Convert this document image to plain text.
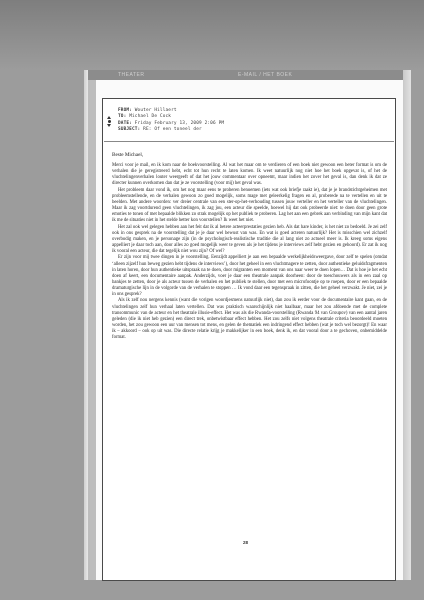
THEATER	E-MAIL / HET BOEK
FROM: Wouter Hillaert
TO: Michael De Cock
DATE: Friday February 13, 2009 2:06 PM
SUBJECT: RE: Of een toneel der
Beste Michael,

Merci voor je mail, en ik kom naar de boekvoorstelling. Al wat het maar om te verdieren of een boek niet gewoon een beter format is om de verhalen die je geregistreerd hebt, echt tot hun recht te laten komen. Ik weet natuurlijk nog niet hoe het boek opgevat is, of het de vluchtelingenverhalen louter weergeeft of dat het jouw commentaar over opneemt, maar indien het zover het geval is, dan denk ik dat ze directer kunnen overkomen dan dat je ze voorstelling (voor mij) het geval was.

Het probleem daar vond ik, om het nog maar eens te proberen benoemen (iets wat ook briefje raakt ie), dat je je brandstichtgeheimen met probleemstellende, en de verhalen gewoon zo goed mogelijk, soms mage met geleerkelig fragen en al, proberede na te vertellen en uit te beelden. Met andere woorden: ver dreier centrale van een ster-op-het-verhouding tussen jouw verteller en het verteller van de vluchtelingen. Maar ik zag voortdurend geen vluchtelingen, ik zag jou, een acteur die speelde, hoewel hij dat ook probeerde niet: te doen door geen grote emoties te tonen of met bepaalde blikken zo strak mogelijk op het publiek te proberen. Lag het aan een gebrek aan verbinding van mijn kant dat ik me de situaties niet in het stelde hetter kon voorstellen? Ik weet het niet.

Het zal ook wel gelegen hebben aan het feit dat ik al betere acteerprestaties gezien heb. Als dat hare kinder, is het niet zo bedoeld. Je zei zelf ook in ons gesprek na de voorstelling dat je je daar wel bewust van was. En wat is goed acteren natuurlijk? Het is misschien wel zichzelf overbodig maken, en je personage zijn (in de psychologisch-realistische traditie die al lang niet zo actueel meer is. Ik kreeg soms eigens appelliert je daar toch aan, door alles zo goed mogelijk weer te geven als je het tijdens je interviews zelf hebt gezien en gehoord). Er zat ik nog ik vooral een acteur, die dat tegelijk niet wou zijn? Of wel?

Er zijn voor mij twee dingen in je voorstelling. Eenzijdt appelliert je aan een bepaalde werkelijkheidsweergave, door zelf te spelen (omdat ‘alleen zijzelf hun beweg gezien hebt tijdens de interviews’), door het geheel in een vluchtmagere te zetten, door authentieke geluidsfragmenten in laten horen, door hun authentieke uitspraak na te doen, door migranten een moment van ons naar weer te doen lopen… Dat is hoe je het echt doen af keert, een documentaire aanpak. Anderzijds, voer je daar een theatrale aanpak doorheen: door de toeschouwers als in een zaal op bankjes te zetten, door je als acteur tussen de verhalen en het publiek te stellen, door met een microfoontje op te roepen, door er een bepaalde dramaturgische lijn in de volgorde van de verhalen te stoppen … Ik vond daar een tegenspraak in zitten, die het geheel verzwakt. Je niet, zei je in ons gesprek?

Als ik zelf nou nergens kennis (want die vorigen woordjesmens natuurlijk niet), dan zou ik eerder voor de documentaire kant gaan, en de vluchtelingen zelf hun verhaal laten vertellen. Dat was praktisch waarschijnlijk niet haalbaar, maar het zou afdoende met de complete transommunic van de acteur en het theatrale illusie-effect. Het was als die Rwanda-voorstelling (Rwanda 94 van Groupov) van een aantal jaren geleden (die ik niet heb gezien) een direct trek, onbetwistbaar effect hebben. Het zou zelfs niet volgens theatrale criteria beoordeeld moeten worden, het zou gewoon een uur van mensen tot mens, en gelen de thematiek een indringend effect hebben (wat je toch wel bezorgt)! En waar ik – akkoord – ook op uit was. Die directe relatie krijg je makkelijker in een boek, denk ik, en dat vooral door a te gechoven, onbemiddelde format.

28
